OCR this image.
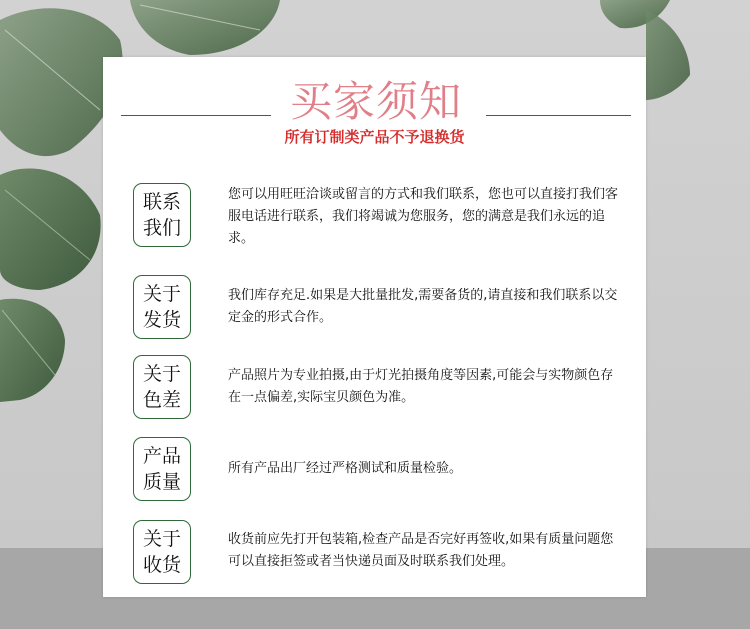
买家须知
所有订制类产品不予退换货
联系
我们
您可以用旺旺洽谈或留言的方式和我们联系，您也可以直接打我们客服电话进行联系，我们将竭诚为您服务，您的满意是我们永远的追求。
关于
发货
我们库存充足.如果是大批量批发,需要备货的,请直接和我们联系以交定金的形式合作。
关于
色差
产品照片为专业拍摄,由于灯光拍摄角度等因素,可能会与实物颜色存在一点偏差,实际宝贝颜色为准。
产品
质量
所有产品出厂经过严格测试和质量检验。
关于
收货
收货前应先打开包装箱,检查产品是否完好再签收,如果有质量问题您可以直接拒签或者当快递员面及时联系我们处理。
